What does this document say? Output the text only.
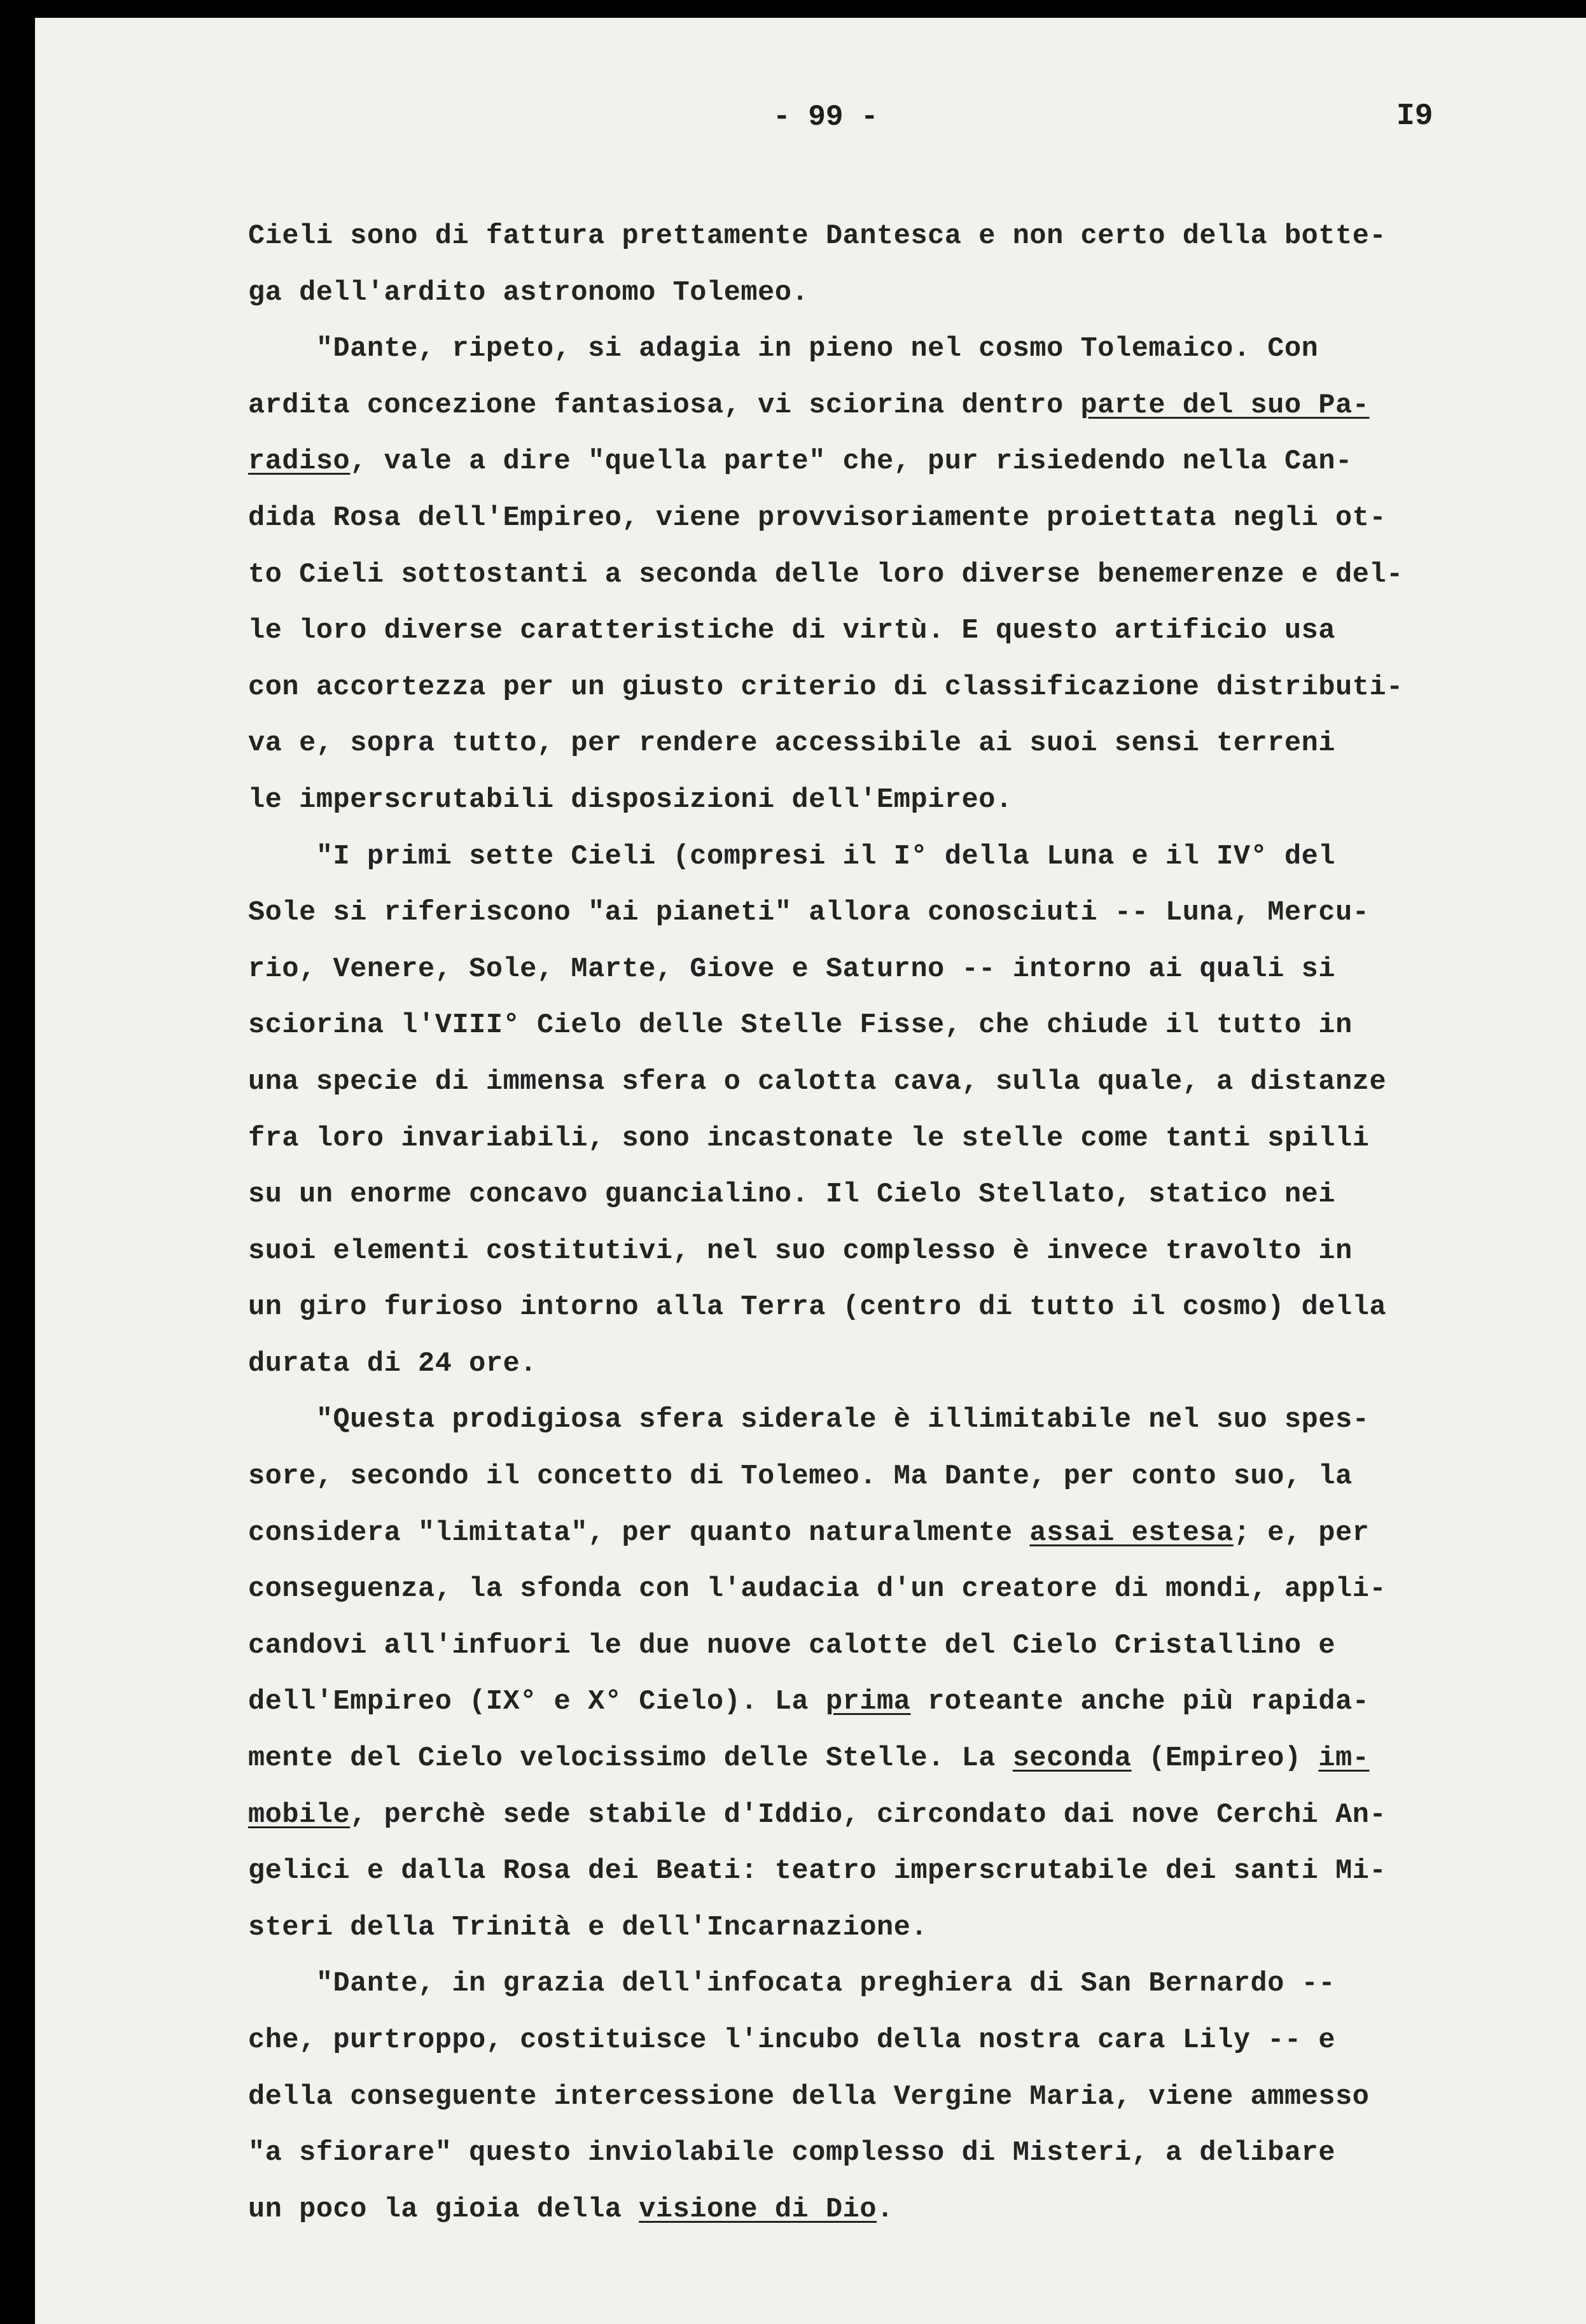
- 99 -	I9
Cieli sono di fattura prettamente Dantesca e non certo della botte-
ga dell'ardito astronomo Tolemeo.
"Dante, ripeto, si adagia in pieno nel cosmo Tolemaico. Con
ardita concezione fantasiosa, vi sciorina dentro parte del suo Pa-
radiso, vale a dire "quella parte" che, pur risiedendo nella Can-
dida Rosa dell'Empireo, viene provvisoriamente proiettata negli ot-
to Cieli sottostanti a seconda delle loro diverse benemerenze e del-
le loro diverse caratteristiche di virtù. E questo artificio usa
con accortezza per un giusto criterio di classificazione distributi-
va e, sopra tutto, per rendere accessibile ai suoi sensi terreni
le imperscrutabili disposizioni dell'Empireo.
"I primi sette Cieli (compresi il I° della Luna e il IV° del
Sole si riferiscono "ai pianeti" allora conosciuti -- Luna, Mercu-
rio, Venere, Sole, Marte, Giove e Saturno -- intorno ai quali si
sciorina l'VIII° Cielo delle Stelle Fisse, che chiude il tutto in
una specie di immensa sfera o calotta cava, sulla quale, a distanze
fra loro invariabili, sono incastonate le stelle come tanti spilli
su un enorme concavo guancialino. Il Cielo Stellato, statico nei
suoi elementi costitutivi, nel suo complesso è invece travolto in
un giro furioso intorno alla Terra (centro di tutto il cosmo) della
durata di 24 ore.
"Questa prodigiosa sfera siderale è illimitabile nel suo spes-
sore, secondo il concetto di Tolemeo. Ma Dante, per conto suo, la
considera "limitata", per quanto naturalmente assai estesa; e, per
conseguenza, la sfonda con l'audacia d'un creatore di mondi, appli-
candovi all'infuori le due nuove calotte del Cielo Cristallino e
dell'Empireo (IX° e X° Cielo). La prima roteante anche più rapida-
mente del Cielo velocissimo delle Stelle. La seconda (Empireo) im-
mobile, perchè sede stabile d'Iddio, circondato dai nove Cerchi An-
gelici e dalla Rosa dei Beati: teatro imperscrutabile dei santi Mi-
steri della Trinità e dell'Incarnazione.
"Dante, in grazia dell'infocata preghiera di San Bernardo --
che, purtroppo, costituisce l'incubo della nostra cara Lily -- e
della conseguente intercessione della Vergine Maria, viene ammesso
"a sfiorare" questo inviolabile complesso di Misteri, a delibare
un poco la gioia della visione di Dio.
